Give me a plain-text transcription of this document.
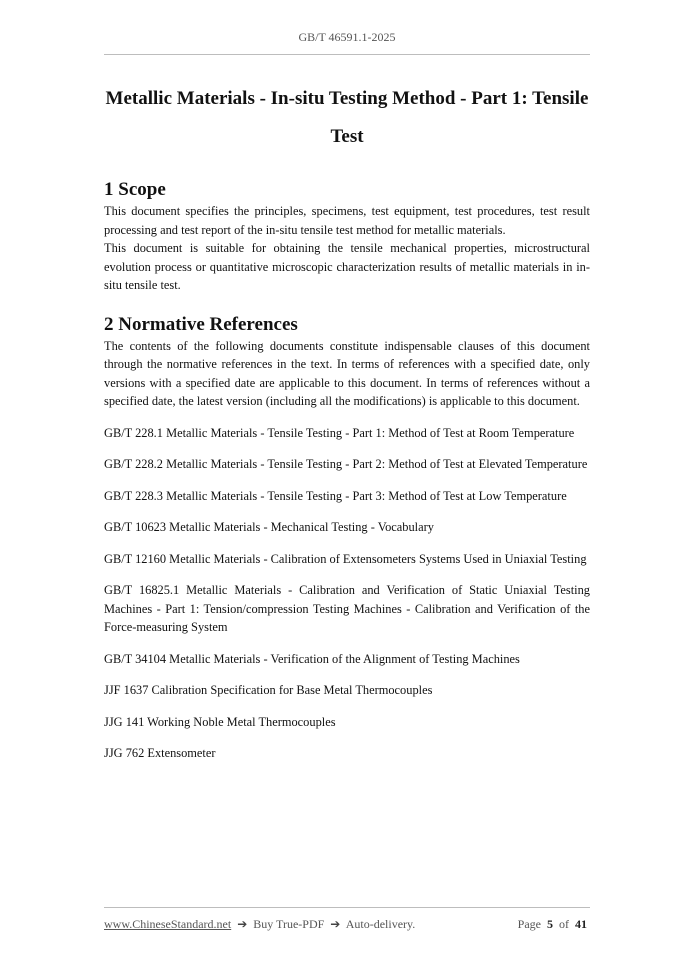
GB/T 46591.1-2025
Metallic Materials - In-situ Testing Method - Part 1: Tensile
Test
1 Scope

This document specifies the principles, specimens, test equipment, test procedures, test result processing and test report of the in-situ tensile test method for metallic materials.

This document is suitable for obtaining the tensile mechanical properties, microstructural evolution process or quantitative microscopic characterization results of metallic materials in in-situ tensile test.

2 Normative References

The contents of the following documents constitute indispensable clauses of this document through the normative references in the text. In terms of references with a specified date, only versions with a specified date are applicable to this document. In terms of references without a specified date, the latest version (including all the modifications) is applicable to this document.

GB/T 228.1 Metallic Materials - Tensile Testing - Part 1: Method of Test at Room Temperature
GB/T 228.2 Metallic Materials - Tensile Testing - Part 2: Method of Test at Elevated Temperature
GB/T 228.3 Metallic Materials - Tensile Testing - Part 3: Method of Test at Low Temperature
GB/T 10623 Metallic Materials - Mechanical Testing - Vocabulary
GB/T 12160 Metallic Materials - Calibration of Extensometers Systems Used in Uniaxial Testing
GB/T 16825.1 Metallic Materials - Calibration and Verification of Static Uniaxial Testing Machines - Part 1: Tension/compression Testing Machines - Calibration and Verification of the Force-measuring System
GB/T 34104 Metallic Materials - Verification of the Alignment of Testing Machines
JJF 1637 Calibration Specification for Base Metal Thermocouples
JJG 141 Working Noble Metal Thermocouples
JJG 762 Extensometer
www.ChineseStandard.net ➔ Buy True-PDF ➔ Auto-delivery.	Page 5 of 41
